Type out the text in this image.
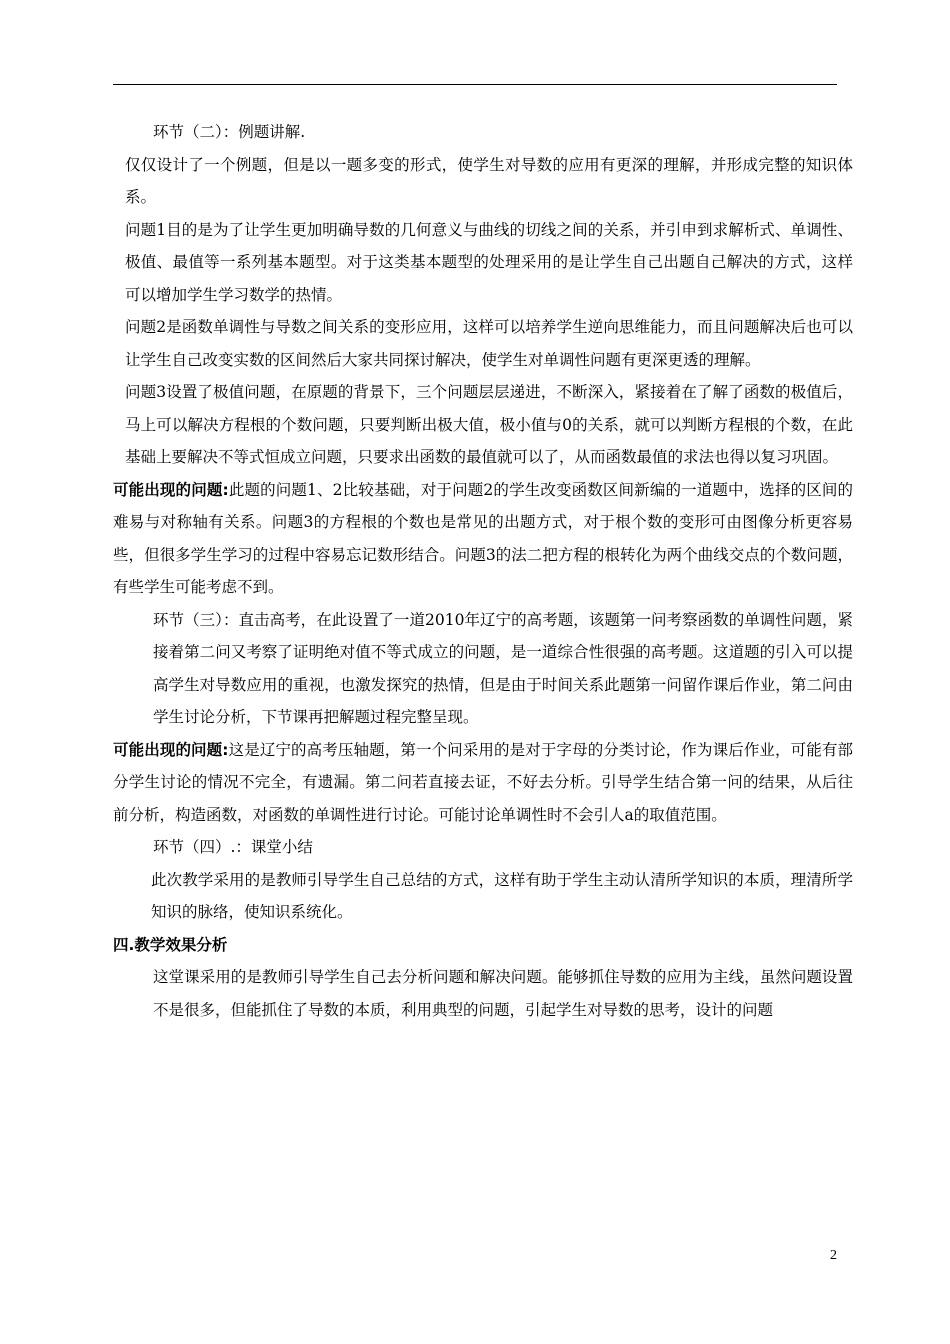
环节（二）：例题讲解.

仅仅设计了一个例题，但是以一题多变的形式，使学生对导数的应用有更深的理解，并形成完整的知识体系。

问题1目的是为了让学生更加明确导数的几何意义与曲线的切线之间的关系，并引申到求解析式、单调性、极值、最值等一系列基本题型。对于这类基本题型的处理采用的是让学生自己出题自己解决的方式，这样可以增加学生学习数学的热情。

问题2是函数单调性与导数之间关系的变形应用，这样可以培养学生逆向思维能力，而且问题解决后也可以让学生自己改变实数的区间然后大家共同探讨解决，使学生对单调性问题有更深更透的理解。

问题3设置了极值问题，在原题的背景下，三个问题层层递进，不断深入，紧接着在了解了函数的极值后，马上可以解决方程根的个数问题，只要判断出极大值，极小值与0的关系，就可以判断方程根的个数，在此基础上要解决不等式恒成立问题，只要求出函数的最值就可以了，从而函数最值的求法也得以复习巩固。

可能出现的问题:此题的问题1、2比较基础，对于问题2的学生改变函数区间新编的一道题中，选择的区间的难易与对称轴有关系。问题3的方程根的个数也是常见的出题方式，对于根个数的变形可由图像分析更容易些，但很多学生学习的过程中容易忘记数形结合。问题3的法二把方程的根转化为两个曲线交点的个数问题，有些学生可能考虑不到。

环节（三）：直击高考，在此设置了一道2010年辽宁的高考题，该题第一问考察函数的单调性问题，紧接着第二问又考察了证明绝对值不等式成立的问题，是一道综合性很强的高考题。这道题的引入可以提高学生对导数应用的重视，也激发探究的热情，但是由于时间关系此题第一问留作课后作业，第二问由学生讨论分析，下节课再把解题过程完整呈现。

可能出现的问题:这是辽宁的高考压轴题，第一个问采用的是对于字母的分类讨论，作为课后作业，可能有部分学生讨论的情况不完全，有遗漏。第二问若直接去证，不好去分析。引导学生结合第一问的结果，从后往前分析，构造函数，对函数的单调性进行讨论。可能讨论单调性时不会引人a的取值范围。

环节（四）.：课堂小结

此次教学采用的是教师引导学生自己总结的方式，这样有助于学生主动认清所学知识的本质，理清所学知识的脉络，使知识系统化。

四.教学效果分析

这堂课采用的是教师引导学生自己去分析问题和解决问题。能够抓住导数的应用为主线，虽然问题设置不是很多，但能抓住了导数的本质，利用典型的问题，引起学生对导数的思考，设计的问题

2
